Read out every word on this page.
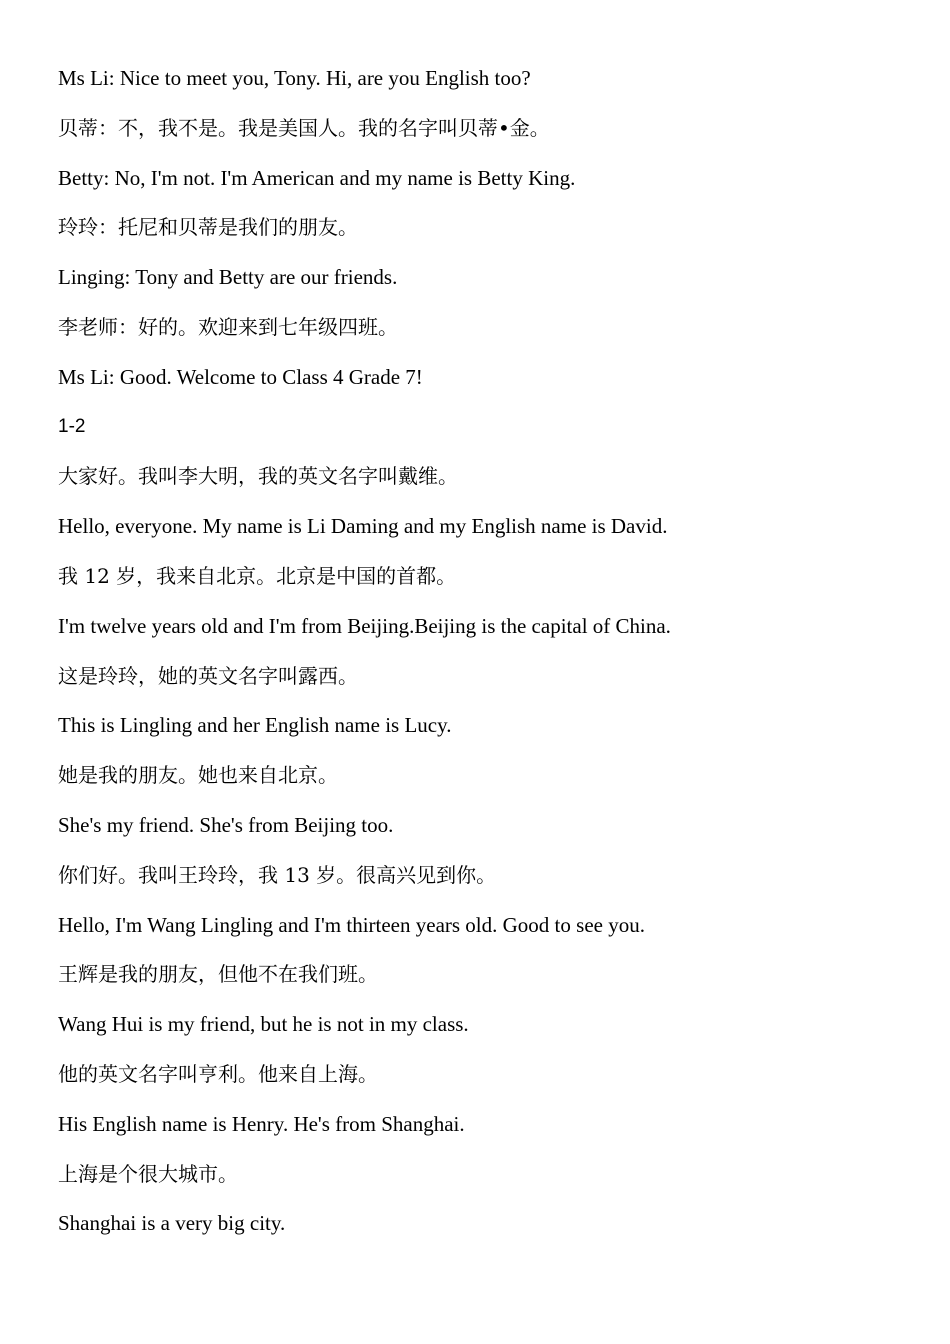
Ms Li: Nice to meet you, Tony. Hi, are you English too?
贝蒂：不，我不是。我是美国人。我的名字叫贝蒂•金。
Betty: No, I'm not. I'm American and my name is Betty King.
玲玲：托尼和贝蒂是我们的朋友。
Linging: Tony and Betty are our friends.
李老师：好的。欢迎来到七年级四班。
Ms Li: Good. Welcome to Class 4 Grade 7!
1-2
大家好。我叫李大明，我的英文名字叫戴维。
Hello, everyone. My name is Li Daming and my English name is David.
我 12 岁，我来自北京。北京是中国的首都。
I'm twelve years old and I'm from Beijing.Beijing is the capital of China.
这是玲玲，她的英文名字叫露西。
This is Lingling and her English name is Lucy.
她是我的朋友。她也来自北京。
She's my friend. She's from Beijing too.
你们好。我叫王玲玲，我 13 岁。很高兴见到你。
Hello, I'm Wang Lingling and I'm thirteen years old. Good to see you.
王辉是我的朋友，但他不在我们班。
Wang Hui is my friend, but he is not in my class.
他的英文名字叫亨利。他来自上海。
His English name is Henry. He's from Shanghai.
上海是个很大城市。
Shanghai is a very big city.
